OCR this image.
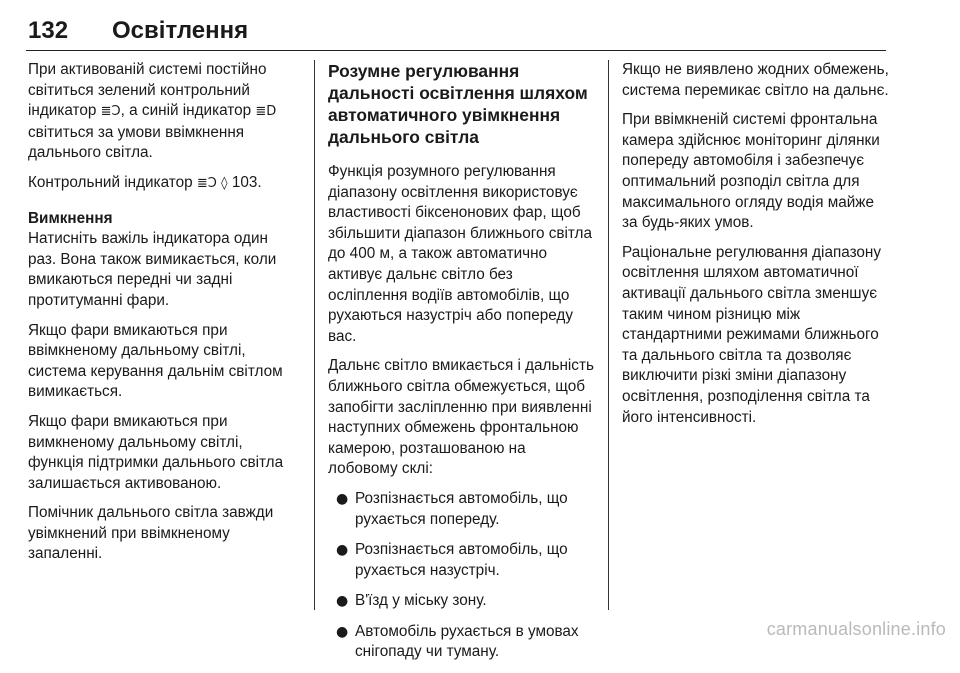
132 Освітлення

При активованій системі постійно світиться зелений контрольний індикатор ≣Ɔ, а синій індикатор ≣D світиться за умови ввімкнення дальнього світла.

Контрольний індикатор ≣Ɔ ◊ 103.

Вимкнення

Натисніть важіль індикатора один раз. Вона також вимикається, коли вмикаються передні чи задні протитуманні фари.

Якщо фари вмикаються при ввімкненому дальньому світлі, система керування дальнім світлом вимикається.

Якщо фари вмикаються при вимкненому дальньому світлі, функція підтримки дальнього світла залишається активованою.

Помічник дальнього світла завжди увімкнений при ввімкненому запаленні.

Розумне регулювання дальності освітлення шляхом автоматичного увімкнення дальнього світла

Функція розумного регулювання діапазону освітлення використовує властивості біксенонових фар, щоб збільшити діапазон ближнього світла до 400 м, а також автоматично активує дальнє світло без осліплення водіїв автомобілів, що рухаються назустріч або попереду вас.

Дальнє світло вмикається і дальність ближнього світла обмежується, щоб запобігти засліпленню при виявленні наступних обмежень фронтальною камерою, розташованою на лобовому склі:

● Розпізнається автомобіль, що рухається попереду.
● Розпізнається автомобіль, що рухається назустріч.
● В'їзд у міську зону.
● Автомобіль рухається в умовах снігопаду чи туману.

Якщо не виявлено жодних обмежень, система перемикає світло на дальнє.

При ввімкненій системі фронтальна камера здійснює моніторинг ділянки попереду автомобіля і забезпечує оптимальний розподіл світла для максимального огляду водія майже за будь-яких умов.

Раціональне регулювання діапазону освітлення шляхом автоматичної активації дальнього світла зменшує таким чином різницю між стандартними режимами ближнього та дальнього світла та дозволяє виключити різкі зміни діапазону освітлення, розподілення світла та його інтенсивності.

carmanualsonline.info
